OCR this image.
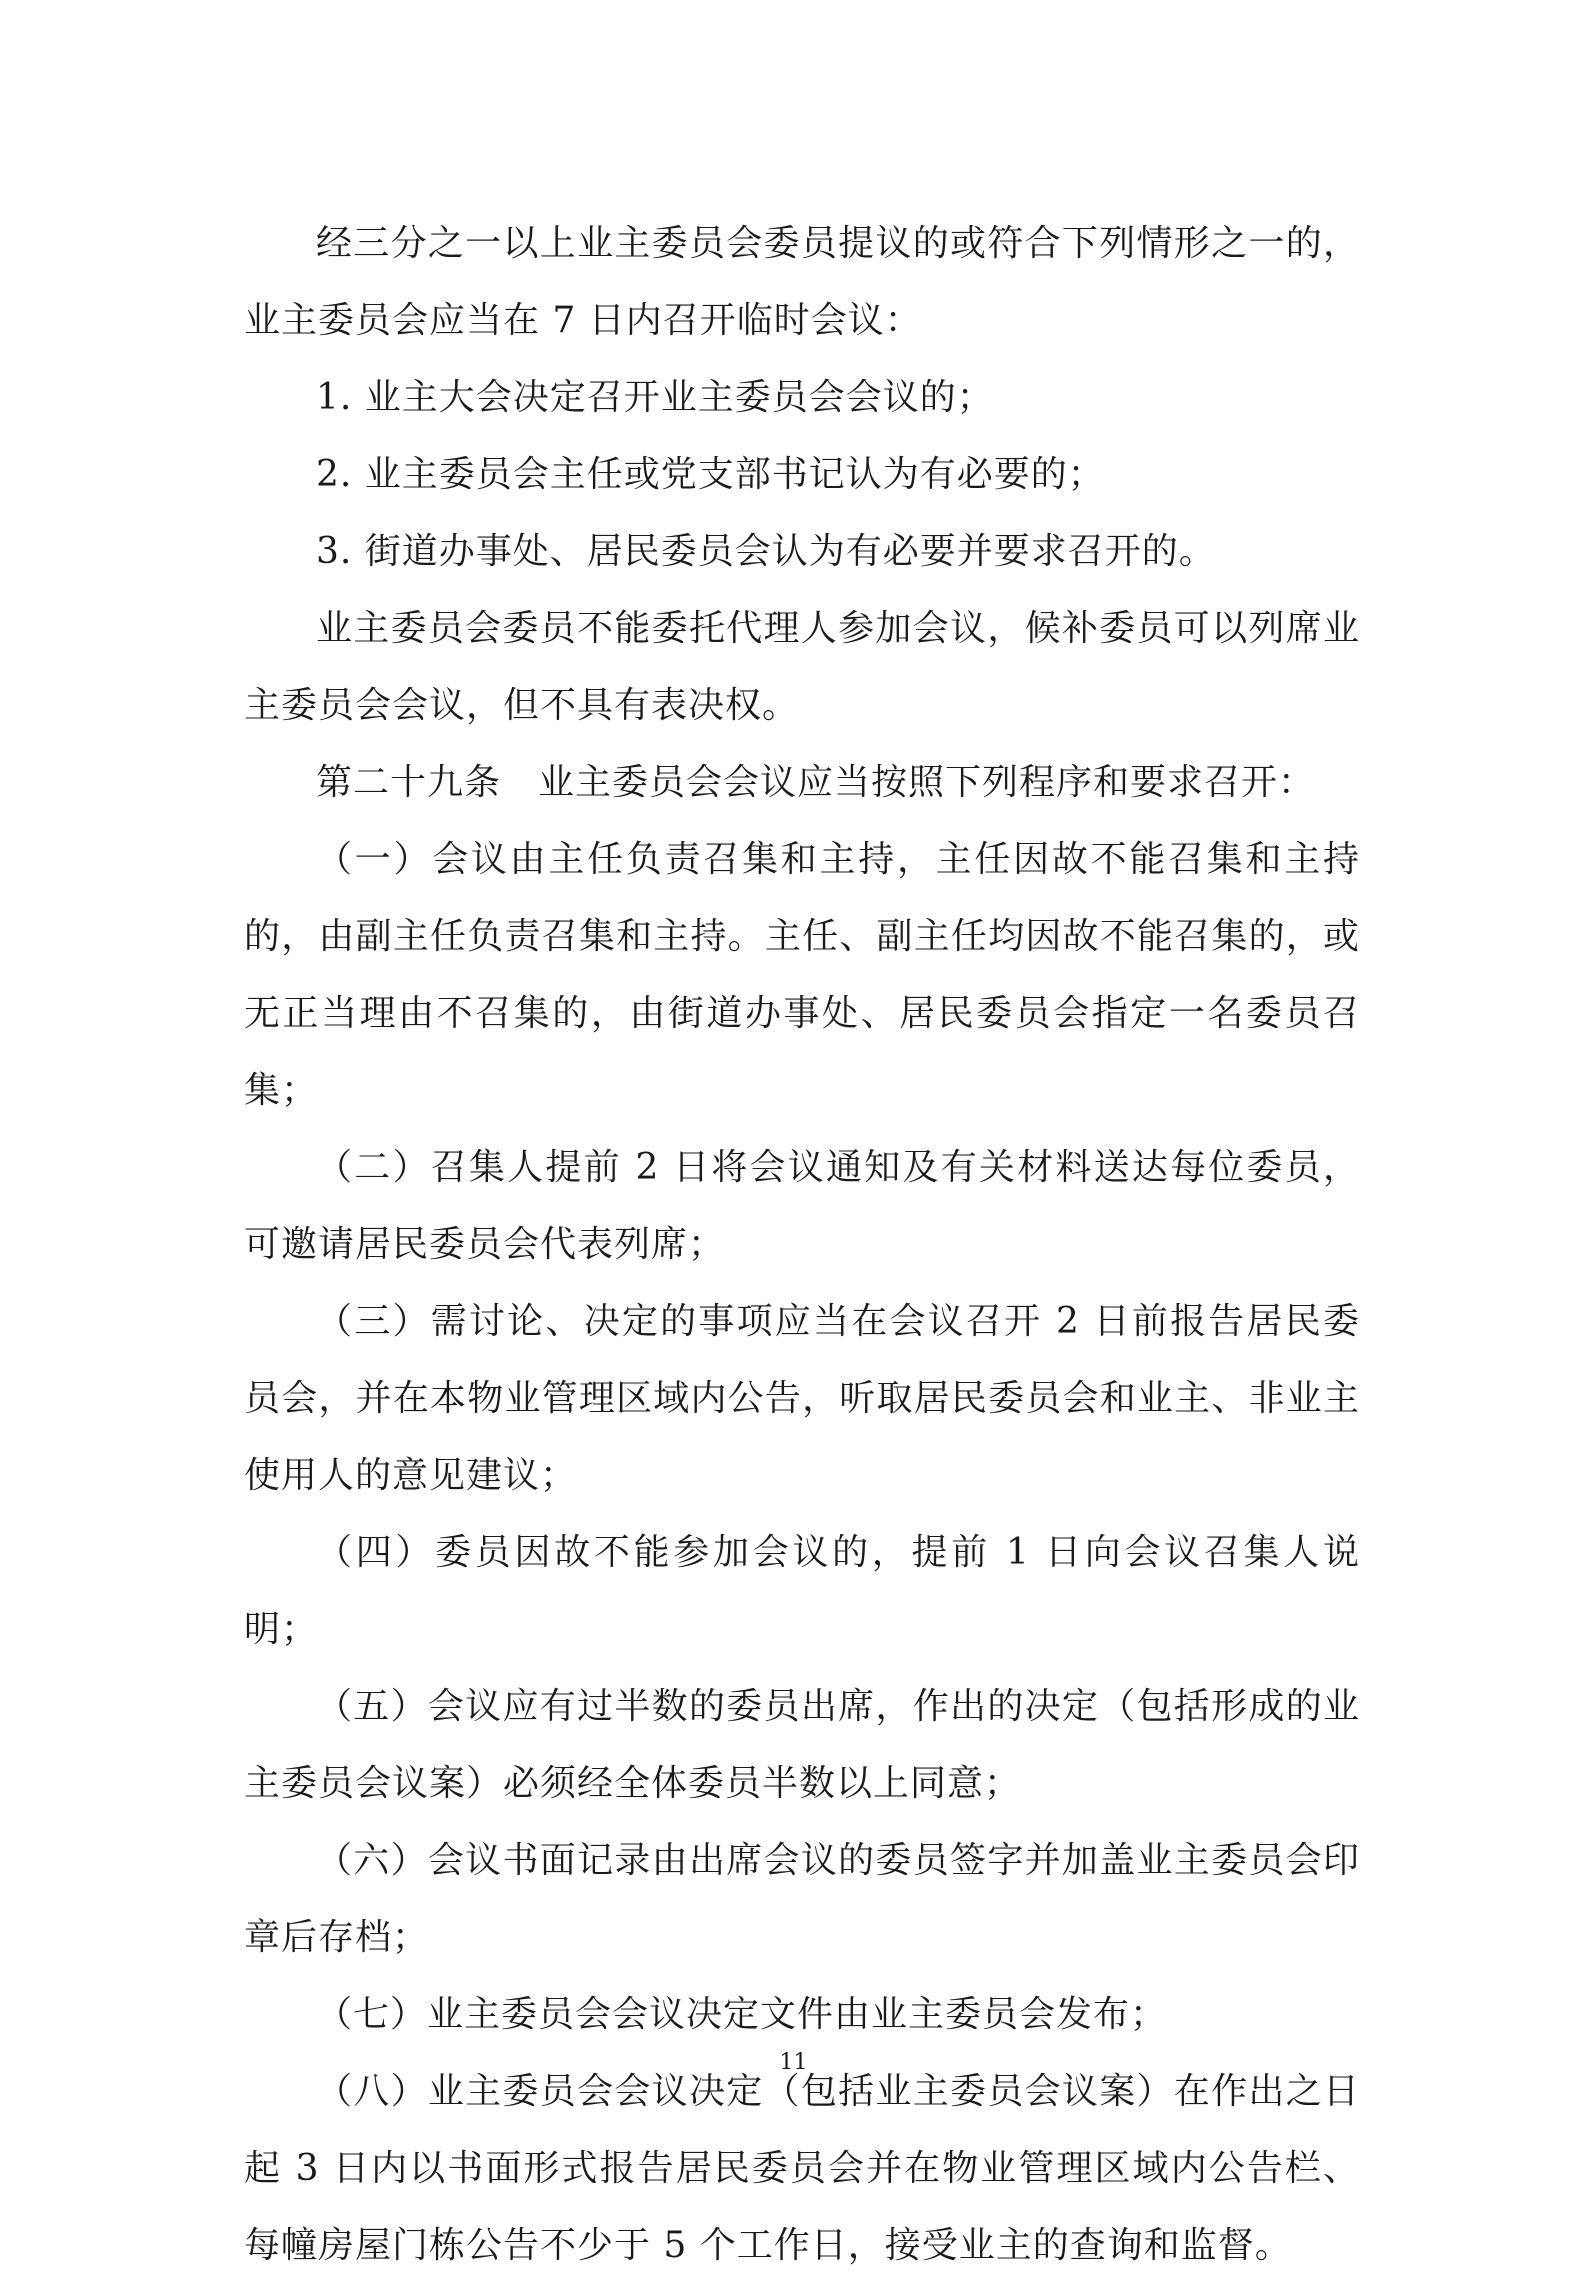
经三分之一以上业主委员会委员提议的或符合下列情形之一的，业主委员会应当在 7 日内召开临时会议：

1. 业主大会决定召开业主委员会会议的；

2. 业主委员会主任或党支部书记认为有必要的；

3. 街道办事处、居民委员会认为有必要并要求召开的。

业主委员会委员不能委托代理人参加会议，候补委员可以列席业主委员会会议，但不具有表决权。

第二十九条　业主委员会会议应当按照下列程序和要求召开：

（一）会议由主任负责召集和主持，主任因故不能召集和主持的，由副主任负责召集和主持。主任、副主任均因故不能召集的，或无正当理由不召集的，由街道办事处、居民委员会指定一名委员召集；

（二）召集人提前 2 日将会议通知及有关材料送达每位委员，可邀请居民委员会代表列席；

（三）需讨论、决定的事项应当在会议召开 2 日前报告居民委员会，并在本物业管理区域内公告，听取居民委员会和业主、非业主使用人的意见建议；

（四）委员因故不能参加会议的，提前 1 日向会议召集人说明；

（五）会议应有过半数的委员出席，作出的决定（包括形成的业主委员会议案）必须经全体委员半数以上同意；

（六）会议书面记录由出席会议的委员签字并加盖业主委员会印章后存档；

（七）业主委员会会议决定文件由业主委员会发布；

（八）业主委员会会议决定（包括业主委员会议案）在作出之日起 3 日内以书面形式报告居民委员会并在物业管理区域内公告栏、每幢房屋门栋公告不少于 5 个工作日，接受业主的查询和监督。

11
